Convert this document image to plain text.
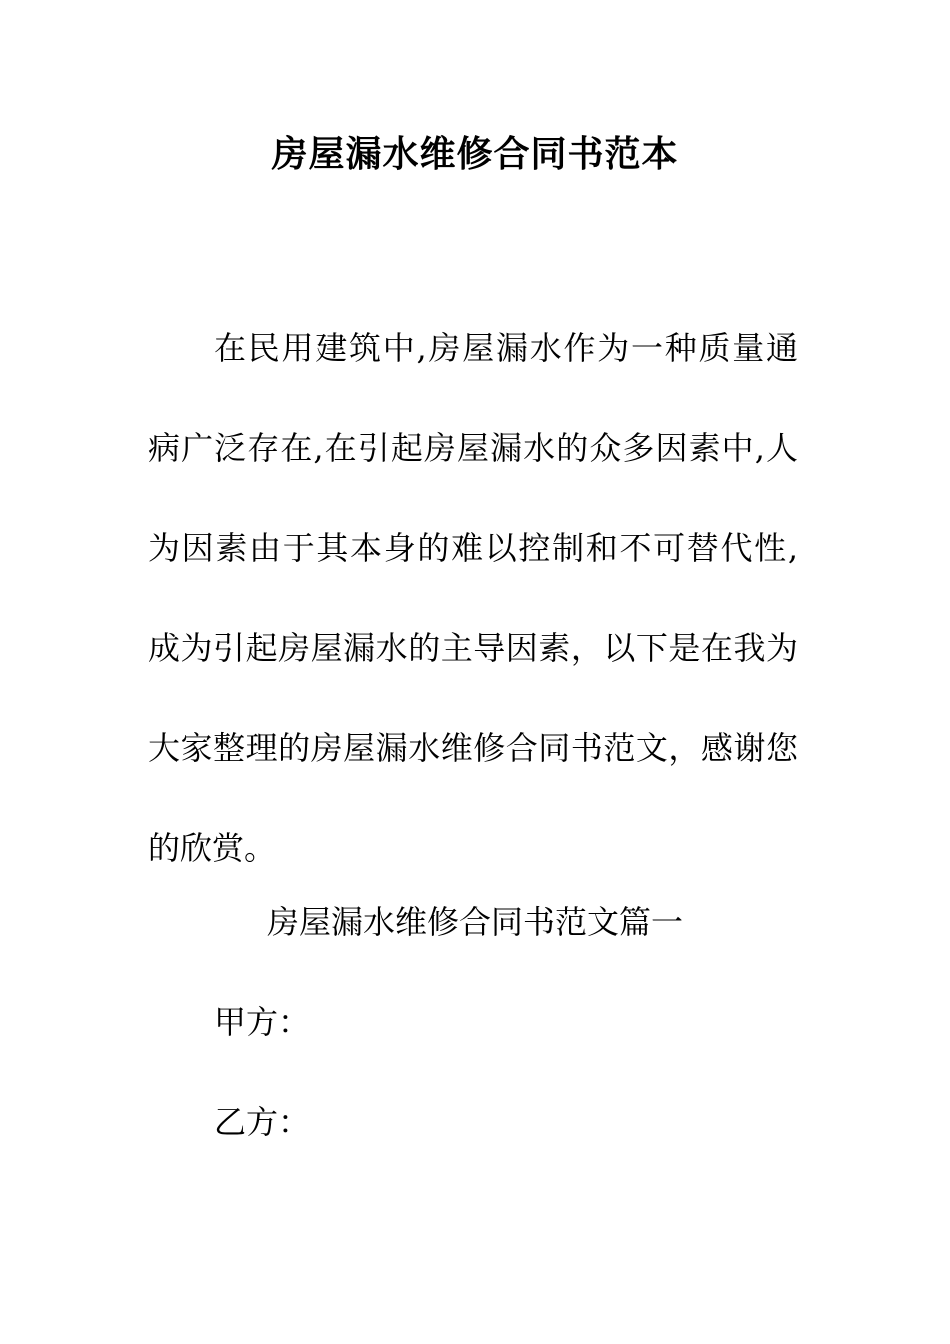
房屋漏水维修合同书范本

在民用建筑中,房屋漏水作为一种质量通病广泛存在,在引起房屋漏水的众多因素中,人为因素由于其本身的难以控制和不可替代性,成为引起房屋漏水的主导因素，以下是在我为大家整理的房屋漏水维修合同书范文，感谢您的欣赏。

房屋漏水维修合同书范文篇一

甲方：

乙方：
